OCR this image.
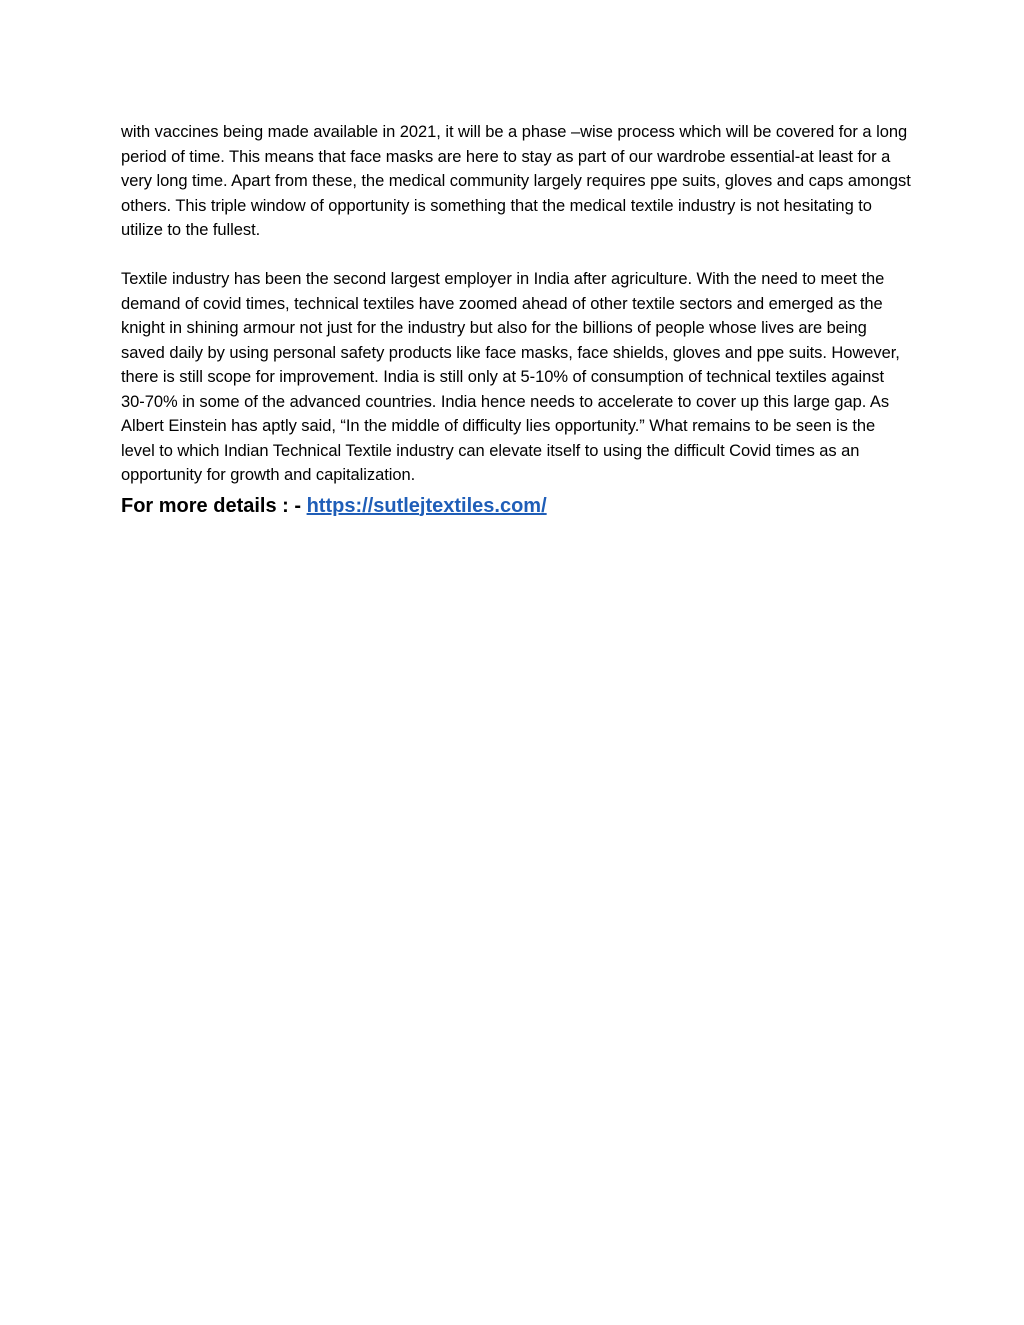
with vaccines being made available in 2021, it will be a phase –wise process which will be covered for a long period of time. This means that face masks are here to stay as part of our wardrobe essential-at least for a very long time. Apart from these, the medical community largely requires ppe suits, gloves and caps amongst others. This triple window of opportunity is something that the medical textile industry is not hesitating to utilize to the fullest.

Textile industry has been the second largest employer in India after agriculture. With the need to meet the demand of covid times, technical textiles have zoomed ahead of other textile sectors and emerged as the knight in shining armour not just for the industry but also for the billions of people whose lives are being saved daily by using personal safety products like face masks, face shields, gloves and ppe suits. However, there is still scope for improvement. India is still only at 5-10% of consumption of technical textiles against 30-70% in some of the advanced countries. India hence needs to accelerate to cover up this large gap. As Albert Einstein has aptly said, “In the middle of difficulty lies opportunity.” What remains to be seen is the level to which Indian Technical Textile industry can elevate itself to using the difficult Covid times as an opportunity for growth and capitalization.

For more details : - https://sutlejtextiles.com/
